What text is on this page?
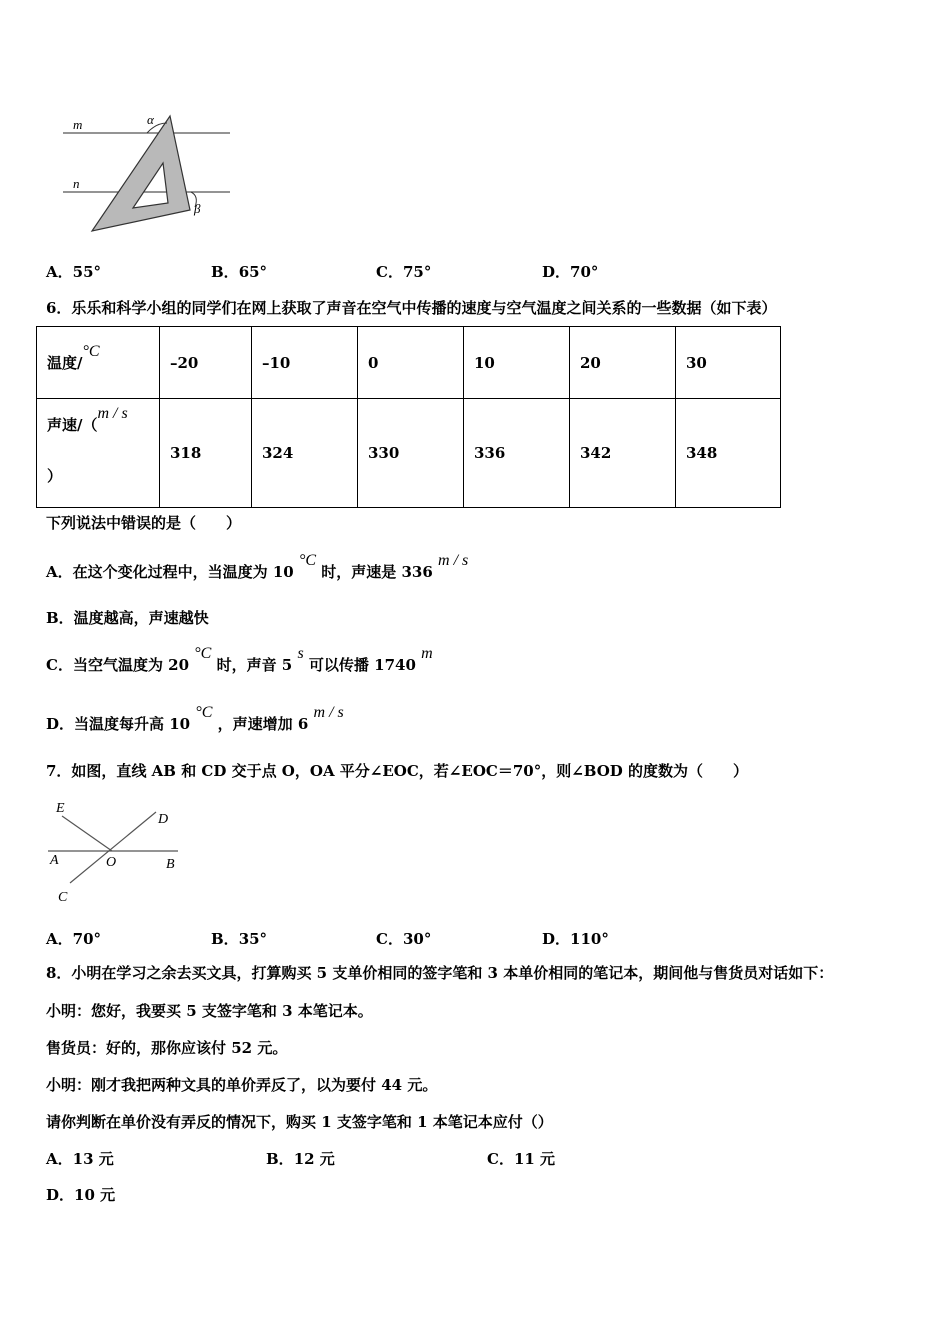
m
n
α
β
A．55°	B．65°	C．75°	D．70°
6．乐乐和科学小组的同学们在网上获取了声音在空气中传播的速度与空气温度之间关系的一些数据（如下表）
温度/°C	–20	–10	0	10	20	30

声速/（m / s
）	318	324	330	336	342	348
下列说法中错误的是（　　）
A．在这个变化过程中，当温度为 10 °C 时，声速是 336 m / s
B．温度越高，声速越快
C．当空气温度为 20 °C 时，声音 5 s 可以传播 1740 m
D．当温度每升高 10 °C ，声速增加 6 m / s
7．如图，直线 AB 和 CD 交于点 O，OA 平分∠EOC，若∠EOC＝70°，则∠BOD 的度数为（　　）
E
D
A	O	B
C
A．70°	B．35°	C．30°	D．110°
8．小明在学习之余去买文具，打算购买 5 支单价相同的签字笔和 3 本单价相同的笔记本，期间他与售货员对话如下：
小明：您好，我要买 5 支签字笔和 3 本笔记本。
售货员：好的，那你应该付 52 元。
小明：刚才我把两种文具的单价弄反了，以为要付 44 元。
请你判断在单价没有弄反的情况下，购买 1 支签字笔和 1 本笔记本应付（）
A．13 元	B．12 元	C．11 元
D．10 元
